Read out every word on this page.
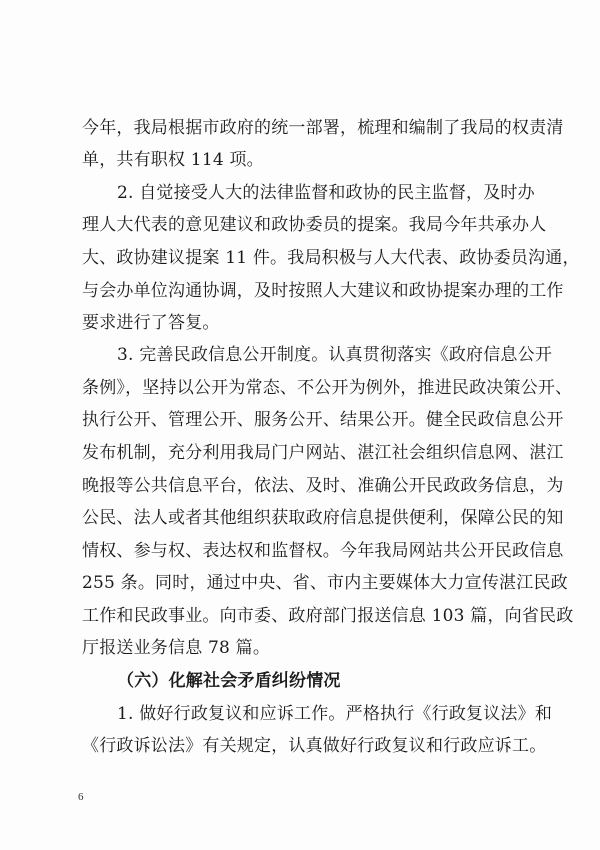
今年，我局根据市政府的统一部署，梳理和编制了我局的权责清
单，共有职权 114 项。
2. 自觉接受人大的法律监督和政协的民主监督，及时办
理人大代表的意见建议和政协委员的提案。我局今年共承办人
大、政协建议提案 11 件。我局积极与人大代表、政协委员沟通，
与会办单位沟通协调，及时按照人大建议和政协提案办理的工作
要求进行了答复。
3. 完善民政信息公开制度。认真贯彻落实《政府信息公开
条例》，坚持以公开为常态、不公开为例外，推进民政决策公开、
执行公开、管理公开、服务公开、结果公开。健全民政信息公开
发布机制，充分利用我局门户网站、湛江社会组织信息网、湛江
晚报等公共信息平台，依法、及时、准确公开民政政务信息，为
公民、法人或者其他组织获取政府信息提供便利，保障公民的知
情权、参与权、表达权和监督权。今年我局网站共公开民政信息
255 条。同时，通过中央、省、市内主要媒体大力宣传湛江民政
工作和民政事业。向市委、政府部门报送信息 103 篇，向省民政
厅报送业务信息 78 篇。
（六）化解社会矛盾纠纷情况
1. 做好行政复议和应诉工作。严格执行《行政复议法》和
《行政诉讼法》有关规定，认真做好行政复议和行政应诉工。
6
